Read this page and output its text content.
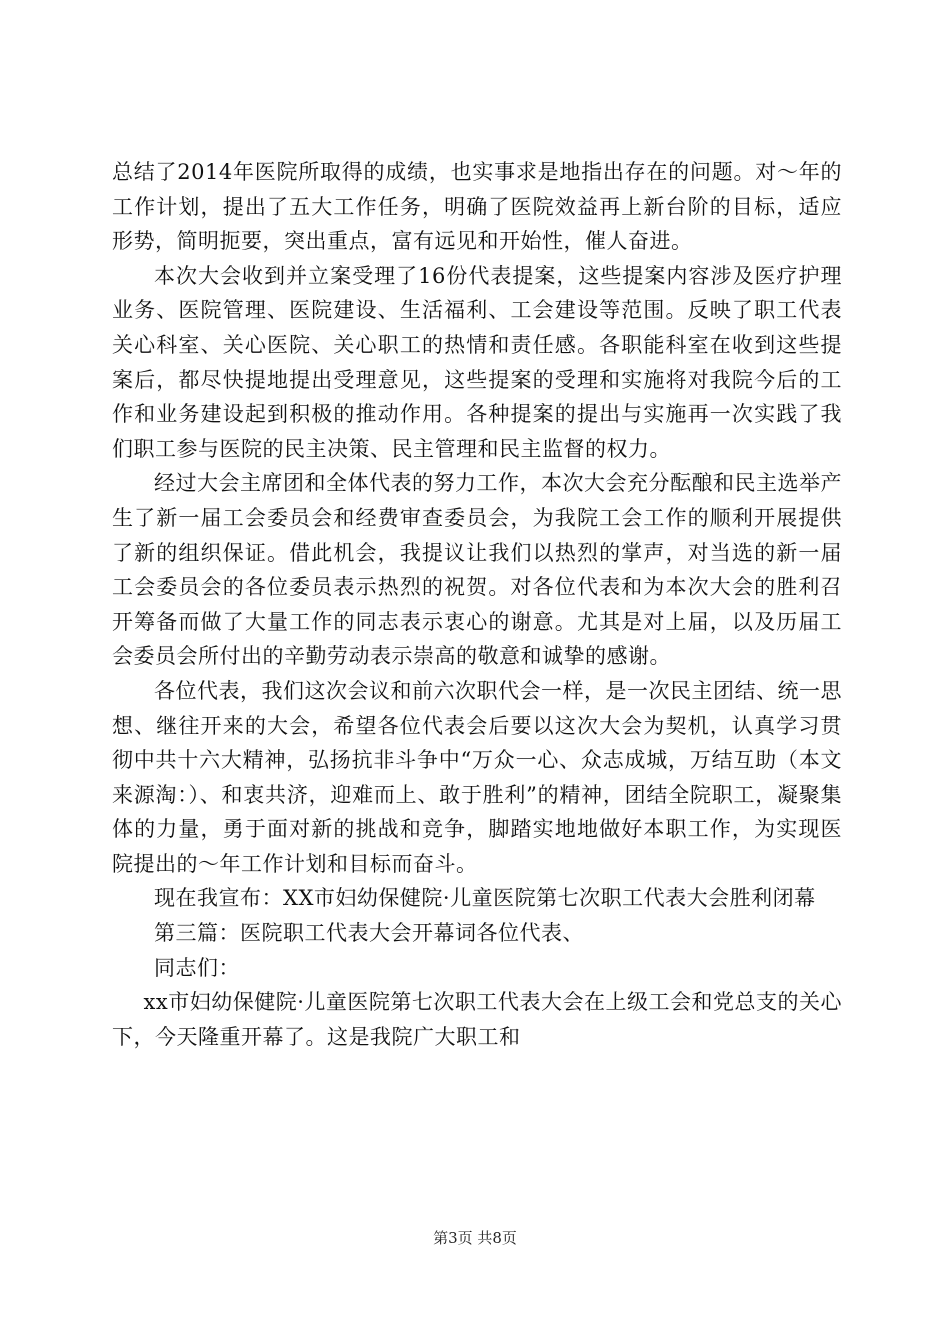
总结了2014年医院所取得的成绩，也实事求是地指出存在的问题。对～年的工作计划，提出了五大工作任务，明确了医院效益再上新台阶的目标，适应形势，简明扼要，突出重点，富有远见和开始性，催人奋进。

本次大会收到并立案受理了16份代表提案，这些提案内容涉及医疗护理业务、医院管理、医院建设、生活福利、工会建设等范围。反映了职工代表关心科室、关心医院、关心职工的热情和责任感。各职能科室在收到这些提案后，都尽快提地提出受理意见，这些提案的受理和实施将对我院今后的工作和业务建设起到积极的推动作用。各种提案的提出与实施再一次实践了我们职工参与医院的民主决策、民主管理和民主监督的权力。

经过大会主席团和全体代表的努力工作，本次大会充分酝酿和民主选举产生了新一届工会委员会和经费审查委员会，为我院工会工作的顺利开展提供了新的组织保证。借此机会，我提议让我们以热烈的掌声，对当选的新一届工会委员会的各位委员表示热烈的祝贺。对各位代表和为本次大会的胜利召开筹备而做了大量工作的同志表示衷心的谢意。尤其是对上届，以及历届工会委员会所付出的辛勤劳动表示崇高的敬意和诚挚的感谢。

各位代表，我们这次会议和前六次职代会一样，是一次民主团结、统一思想、继往开来的大会，希望各位代表会后要以这次大会为契机，认真学习贯彻中共十六大精神，弘扬抗非斗争中“万众一心、众志成城，万结互助（本文来源淘：）、和衷共济，迎难而上、敢于胜利”的精神，团结全院职工，凝聚集体的力量，勇于面对新的挑战和竞争，脚踏实地地做好本职工作，为实现医院提出的～年工作计划和目标而奋斗。

现在我宣布：XX市妇幼保健院·儿童医院第七次职工代表大会胜利闭幕

第三篇：医院职工代表大会开幕词各位代表、

同志们：

xx市妇幼保健院·儿童医院第七次职工代表大会在上级工会和党总支的关心下，今天隆重开幕了。这是我院广大职工和

第3页 共8页
